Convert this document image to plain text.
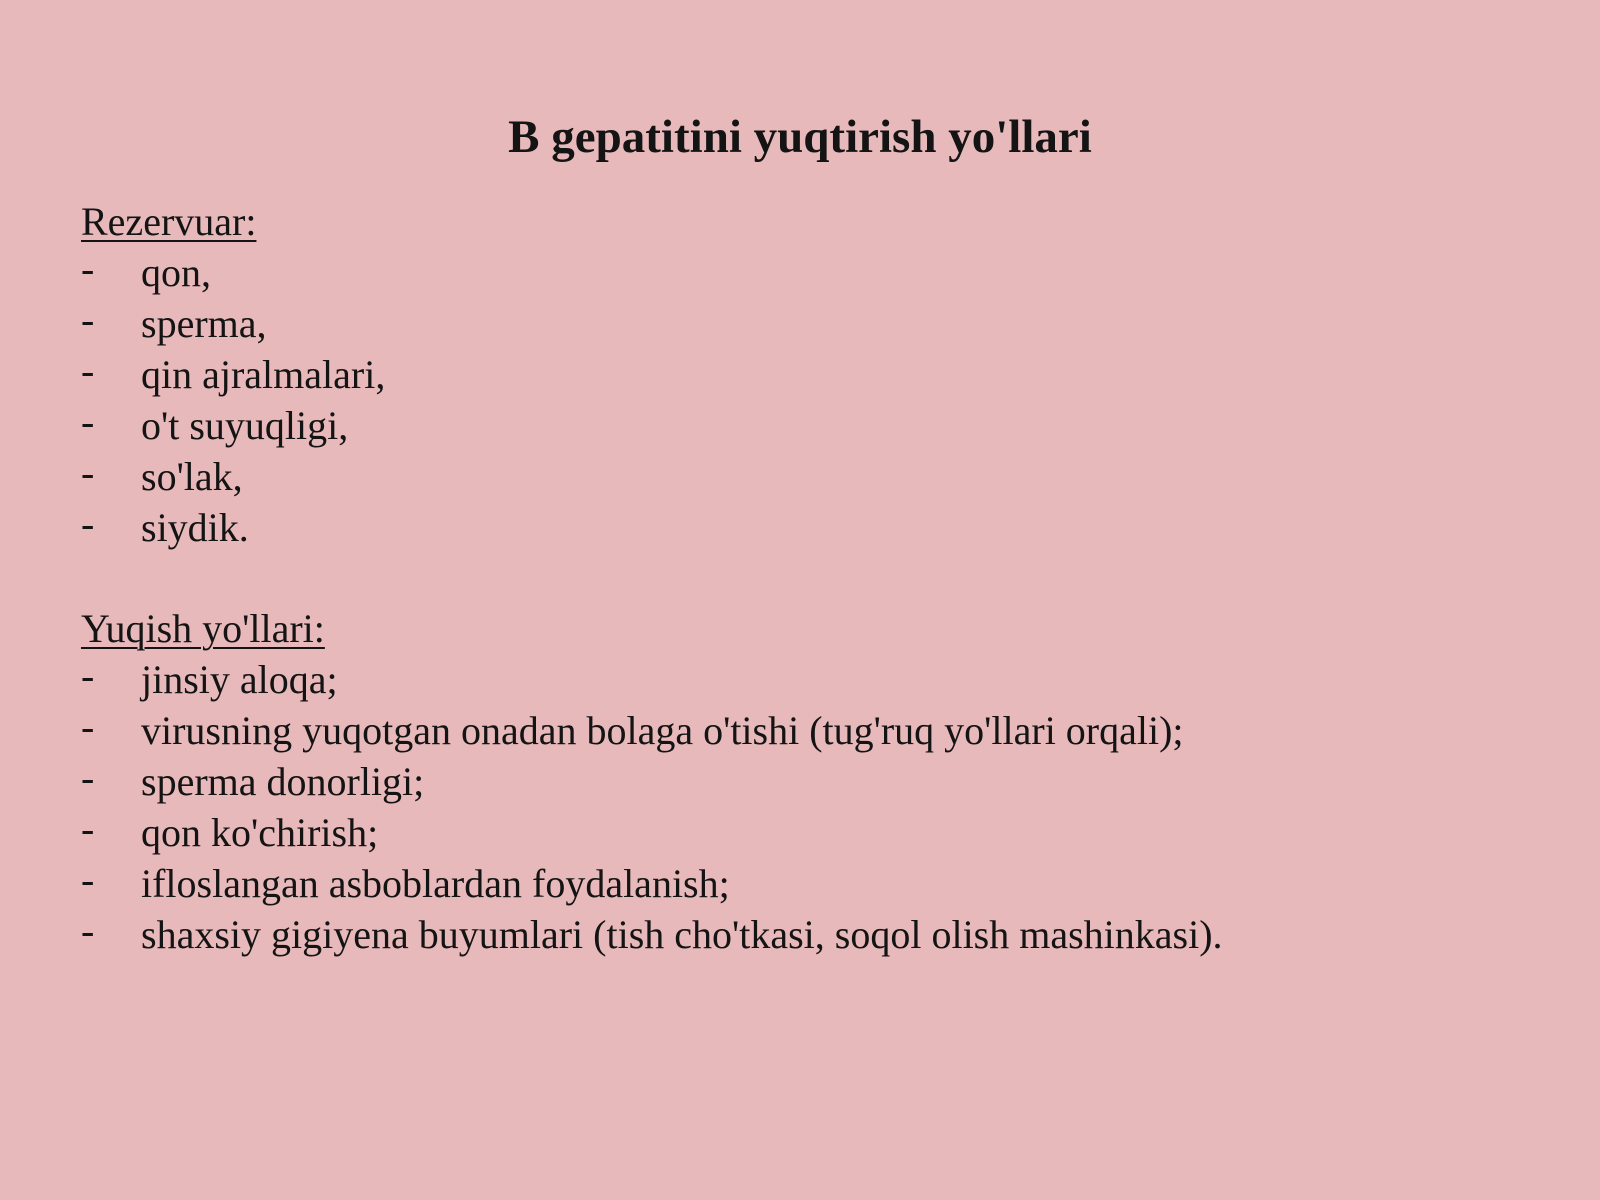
B gepatitini yuqtirish yo'llari
Rezervuar:
-	qon,
-	sperma,
-	qin ajralmalari,
-	o't suyuqligi,
-	so'lak,
-	siydik.
Yuqish yo'llari:
-	jinsiy aloqa;
-	virusning yuqotgan onadan bolaga o'tishi (tug'ruq yo'llari orqali);
-	sperma donorligi;
-	qon ko'chirish;
-	ifloslangan asboblardan foydalanish;
-	shaxsiy gigiyena buyumlari (tish cho'tkasi, soqol olish mashinkasi).
